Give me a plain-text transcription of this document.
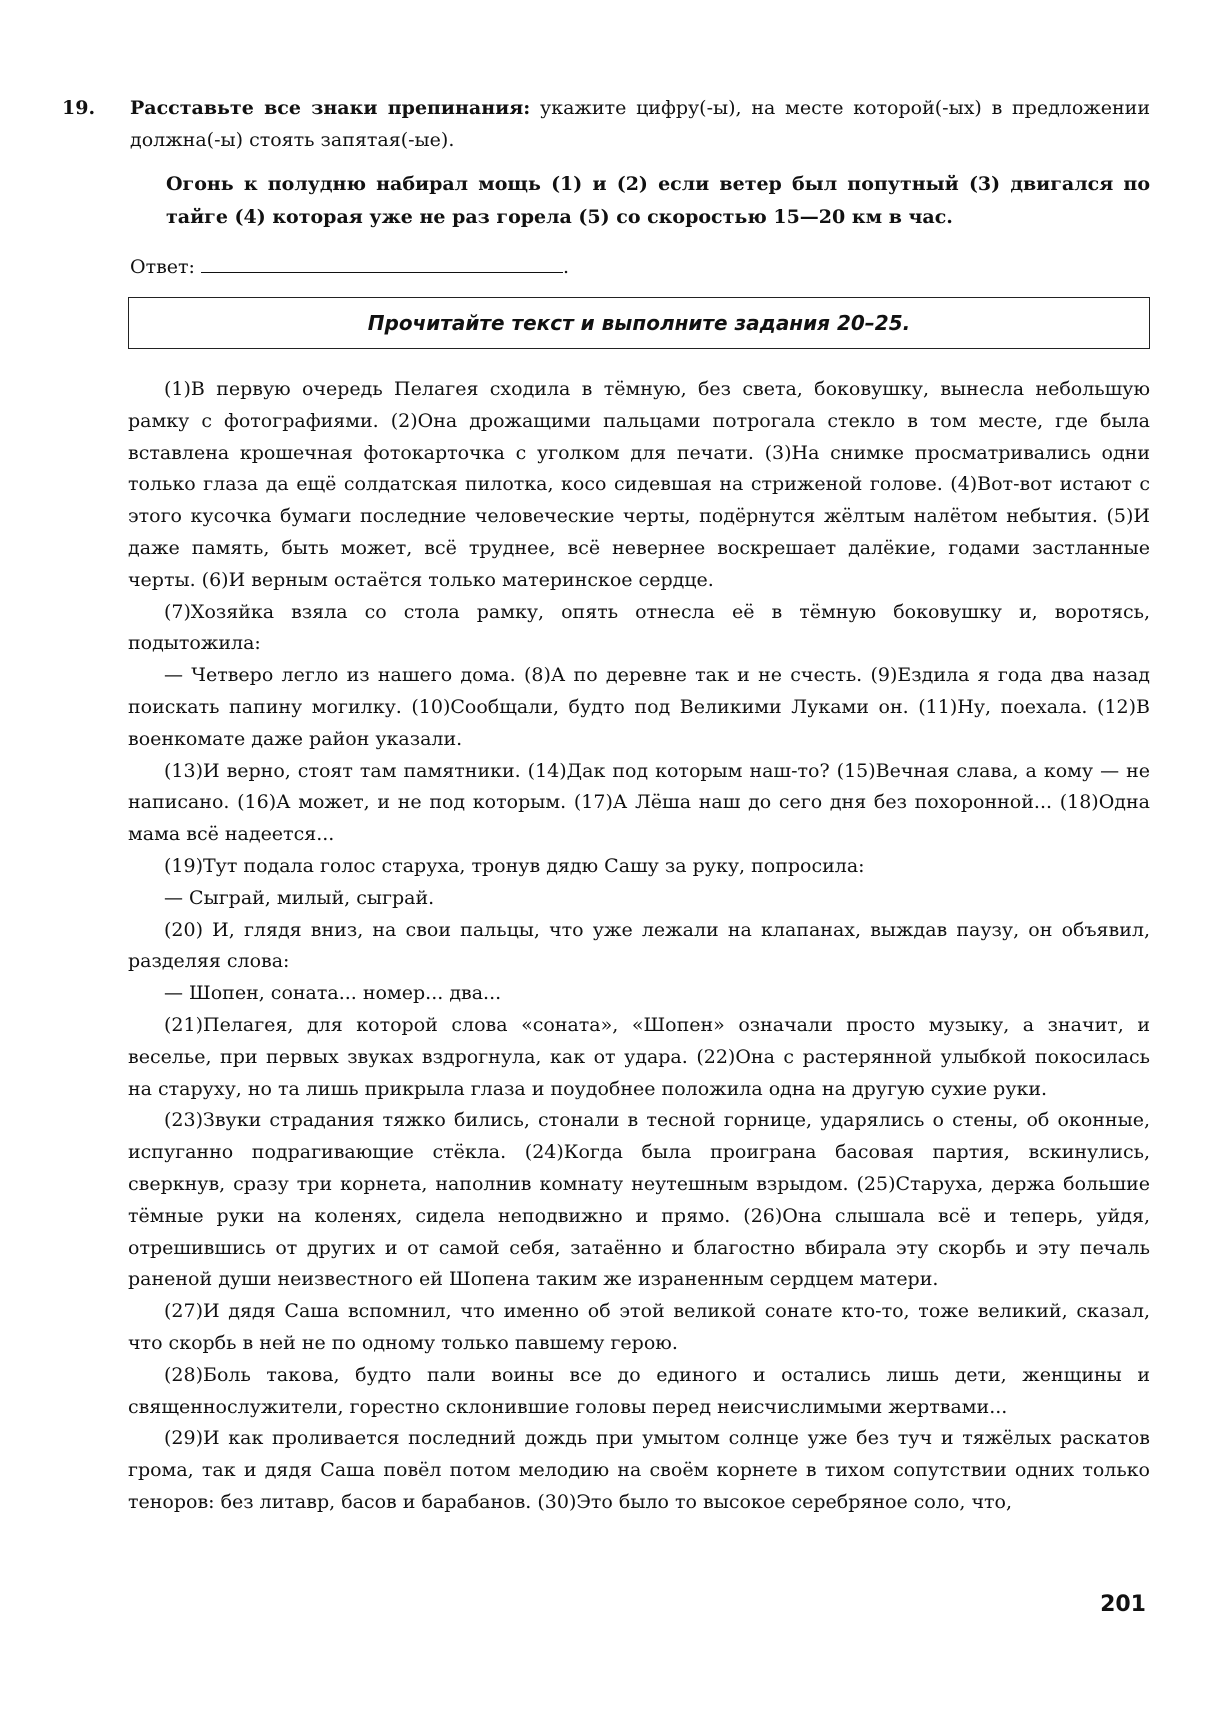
19.	Расставьте все знаки препинания: укажите цифру(-ы), на месте которой(-ых) в предложении должна(-ы) стоять запятая(-ые).
Огонь к полудню набирал мощь (1) и (2) если ветер был попутный (3) двигался по тайге (4) которая уже не раз горела (5) со скоростью 15—20 км в час.
Ответ:	.
Прочитайте текст и выполните задания 20–25.

(1)В первую очередь Пелагея сходила в тёмную, без света, боковушку, вынесла небольшую рамку с фотографиями. (2)Она дрожащими пальцами потрогала стекло в том месте, где была вставлена крошечная фотокарточка с уголком для печати. (3)На снимке просматривались одни только глаза да ещё солдатская пилотка, косо сидевшая на стриженой голове. (4)Вот-вот истают с этого кусочка бумаги последние человеческие черты, подёрнутся жёлтым налётом небытия. (5)И даже память, быть может, всё труднее, всё невернее воскрешает далёкие, годами застланные черты. (6)И верным остаётся только материнское сердце.

(7)Хозяйка взяла со стола рамку, опять отнесла её в тёмную боковушку и, воротясь, подытожила:

— Четверо легло из нашего дома. (8)А по деревне так и не счесть. (9)Ездила я года два назад поискать папину могилку. (10)Сообщали, будто под Великими Луками он. (11)Ну, поехала. (12)В военкомате даже район указали.

(13)И верно, стоят там памятники. (14)Дак под которым наш-то? (15)Вечная слава, а кому — не написано. (16)А может, и не под которым. (17)А Лёша наш до сего дня без похоронной... (18)Одна мама всё надеется...

(19)Тут подала голос старуха, тронув дядю Сашу за руку, попросила:

— Сыграй, милый, сыграй.

(20) И, глядя вниз, на свои пальцы, что уже лежали на клапанах, выждав паузу, он объявил, разделяя слова:

— Шопен, соната... номер... два...

(21)Пелагея, для которой слова «соната», «Шопен» означали просто музыку, а значит, и веселье, при первых звуках вздрогнула, как от удара. (22)Она с растерянной улыбкой покосилась на старуху, но та лишь прикрыла глаза и поудобнее положила одна на другую сухие руки.

(23)Звуки страдания тяжко бились, стонали в тесной горнице, ударялись о стены, об оконные, испуганно подрагивающие стёкла. (24)Когда была проиграна басовая партия, вскинулись, сверкнув, сразу три корнета, наполнив комнату неутешным взрыдом. (25)Старуха, держа большие тёмные руки на коленях, сидела неподвижно и прямо. (26)Она слышала всё и теперь, уйдя, отрешившись от других и от самой себя, затаённо и благостно вбирала эту скорбь и эту печаль раненой души неизвестного ей Шопена таким же израненным сердцем матери.

(27)И дядя Саша вспомнил, что именно об этой великой сонате кто-то, тоже великий, сказал, что скорбь в ней не по одному только павшему герою.

(28)Боль такова, будто пали воины все до единого и остались лишь дети, женщины и священнослужители, горестно склонившие головы перед неисчислимыми жертвами...

(29)И как проливается последний дождь при умытом солнце уже без туч и тяжёлых раскатов грома, так и дядя Саша повёл потом мелодию на своём корнете в тихом сопутствии одних только теноров: без литавр, басов и барабанов. (30)Это было то высокое серебряное соло, что,

201
